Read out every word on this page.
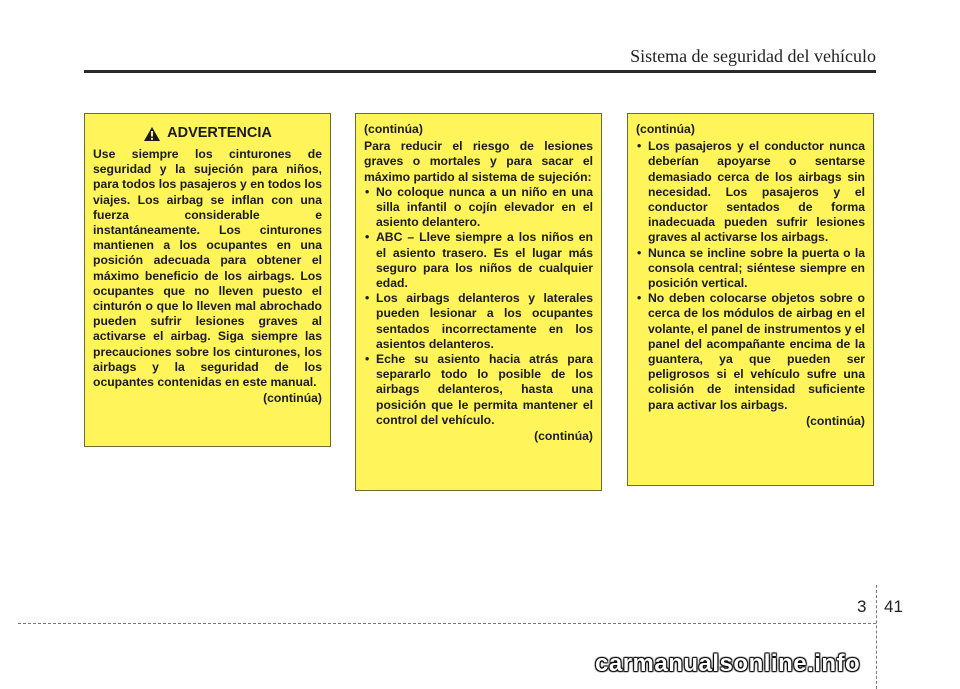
Sistema de seguridad del vehículo
ADVERTENCIA

Use siempre los cinturones de seguridad y la sujeción para niños, para todos los pasajeros y en todos los viajes. Los airbag se inflan con una fuerza considerable e instantáneamente. Los cinturones mantienen a los ocupantes en una posición adecuada para obtener el máximo beneficio de los airbags. Los ocupantes que no lleven puesto el cinturón o que lo lleven mal abrochado pueden sufrir lesiones graves al activarse el airbag. Siga siempre las precauciones sobre los cinturones, los airbags y la seguridad de los ocupantes contenidas en este manual.

(continúa)
(continúa)

Para reducir el riesgo de lesiones graves o mortales y para sacar el máximo partido al sistema de sujeción:

• No coloque nunca a un niño en una silla infantil o cojín elevador en el asiento delantero.
• ABC – Lleve siempre a los niños en el asiento trasero. Es el lugar más seguro para los niños de cualquier edad.
• Los airbags delanteros y laterales pueden lesionar a los ocupantes sentados incorrectamente en los asientos delanteros.
• Eche su asiento hacia atrás para separarlo todo lo posible de los airbags delanteros, hasta una posición que le permita mantener el control del vehículo.
(continúa)
(continúa)
• Los pasajeros y el conductor nunca deberían apoyarse o sentarse demasiado cerca de los airbags sin necesidad. Los pasajeros y el conductor sentados de forma inadecuada pueden sufrir lesiones graves al activarse los airbags.
• Nunca se incline sobre la puerta o la consola central; siéntese siempre en posición vertical.
• No deben colocarse objetos sobre o cerca de los módulos de airbag en el volante, el panel de instrumentos y el panel del acompañante encima de la guantera, ya que pueden ser peligrosos si el vehículo sufre una colisión de intensidad suficiente para activar los airbags.
(continúa)
3 41
carmanualsonline.info
